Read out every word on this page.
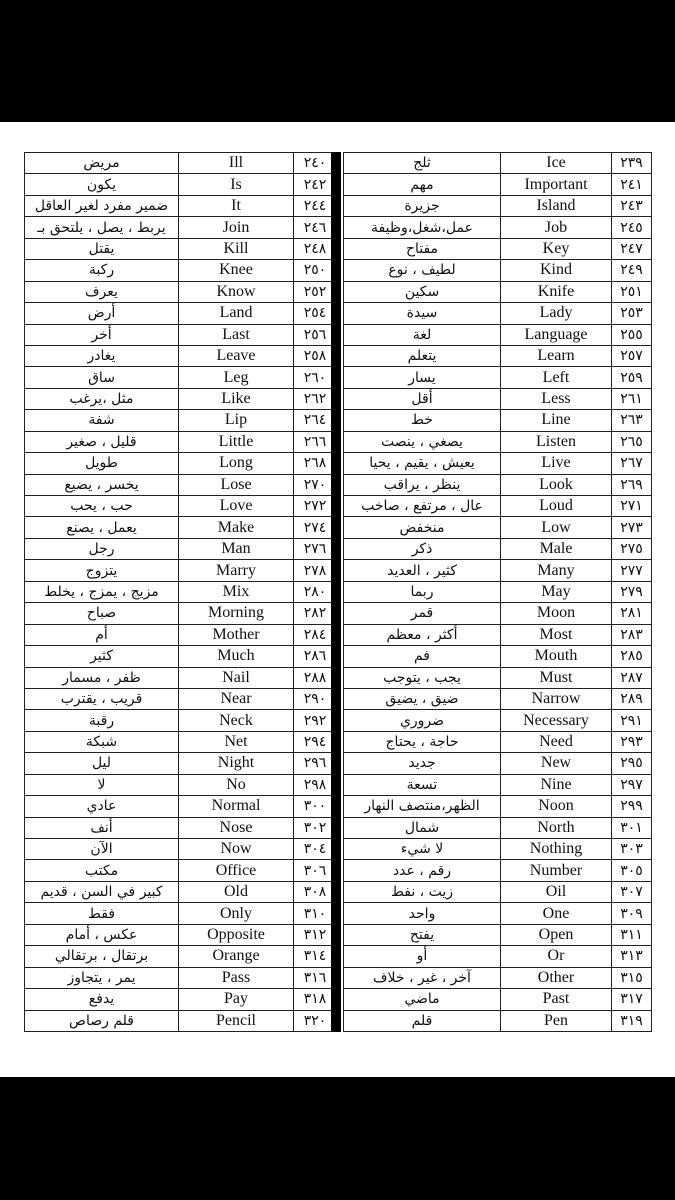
مريض	Ill	٢٤٠
يكون	Is	٢٤٢
ضمير مفرد لغير العاقل	It	٢٤٤
يربط ، يصل ، يلتحق بـ	Join	٢٤٦
يقتل	Kill	٢٤٨
ركبة	Knee	٢٥٠
يعرف	Know	٢٥٢
أرض	Land	٢٥٤
أخر	Last	٢٥٦
يغادر	Leave	٢٥٨
ساق	Leg	٢٦٠
مثل ،يرغب	Like	٢٦٢
شفة	Lip	٢٦٤
قليل ، صغير	Little	٢٦٦
طويل	Long	٢٦٨
يخسر ، يضيع	Lose	٢٧٠
حب ، يحب	Love	٢٧٢
يعمل ، يصنع	Make	٢٧٤
رجل	Man	٢٧٦
يتزوج	Marry	٢٧٨
مزيج ، يمزج ، يخلط	Mix	٢٨٠
صباح	Morning	٢٨٢
أم	Mother	٢٨٤
كثير	Much	٢٨٦
ظفر ، مسمار	Nail	٢٨٨
قريب ، يقترب	Near	٢٩٠
رقبة	Neck	٢٩٢
شبكة	Net	٢٩٤
ليل	Night	٢٩٦
لا	No	٢٩٨
عادي	Normal	٣٠٠
أنف	Nose	٣٠٢
الآن	Now	٣٠٤
مكتب	Office	٣٠٦
كبير في السن ، قديم	Old	٣٠٨
فقط	Only	٣١٠
عكس ، أمام	Opposite	٣١٢
برتقال ، برتقالي	Orange	٣١٤
يمر ، يتجاوز	Pass	٣١٦
يدفع	Pay	٣١٨
قلم رصاص	Pencil	٣٢٠
ثلج	Ice	٢٣٩
مهم	Important	٢٤١
جزيرة	Island	٢٤٣
عمل،شغل،وظيفة	Job	٢٤٥
مفتاح	Key	٢٤٧
لطيف ، نوع	Kind	٢٤٩
سكين	Knife	٢٥١
سيدة	Lady	٢٥٣
لغة	Language	٢٥٥
يتعلم	Learn	٢٥٧
يسار	Left	٢٥٩
أقل	Less	٢٦١
خط	Line	٢٦٣
يصغي ، ينصت	Listen	٢٦٥
يعيش ، يقيم ، يحيا	Live	٢٦٧
ينظر ، يراقب	Look	٢٦٩
عال ، مرتفع ، صاخب	Loud	٢٧١
منخفض	Low	٢٧٣
ذكر	Male	٢٧٥
كثير ، العديد	Many	٢٧٧
ربما	May	٢٧٩
قمر	Moon	٢٨١
أكثر ، معظم	Most	٢٨٣
فم	Mouth	٢٨٥
يجب ، يتوجب	Must	٢٨٧
ضيق ، يضيق	Narrow	٢٨٩
ضروري	Necessary	٢٩١
حاجة ، يحتاج	Need	٢٩٣
جديد	New	٢٩٥
تسعة	Nine	٢٩٧
الظهر،منتصف النهار	Noon	٢٩٩
شمال	North	٣٠١
لا شيء	Nothing	٣٠٣
رقم ، عدد	Number	٣٠٥
زيت ، نفط	Oil	٣٠٧
واحد	One	٣٠٩
يفتح	Open	٣١١
أو	Or	٣١٣
آخر ، غير ، خلاف	Other	٣١٥
ماضي	Past	٣١٧
قلم	Pen	٣١٩
